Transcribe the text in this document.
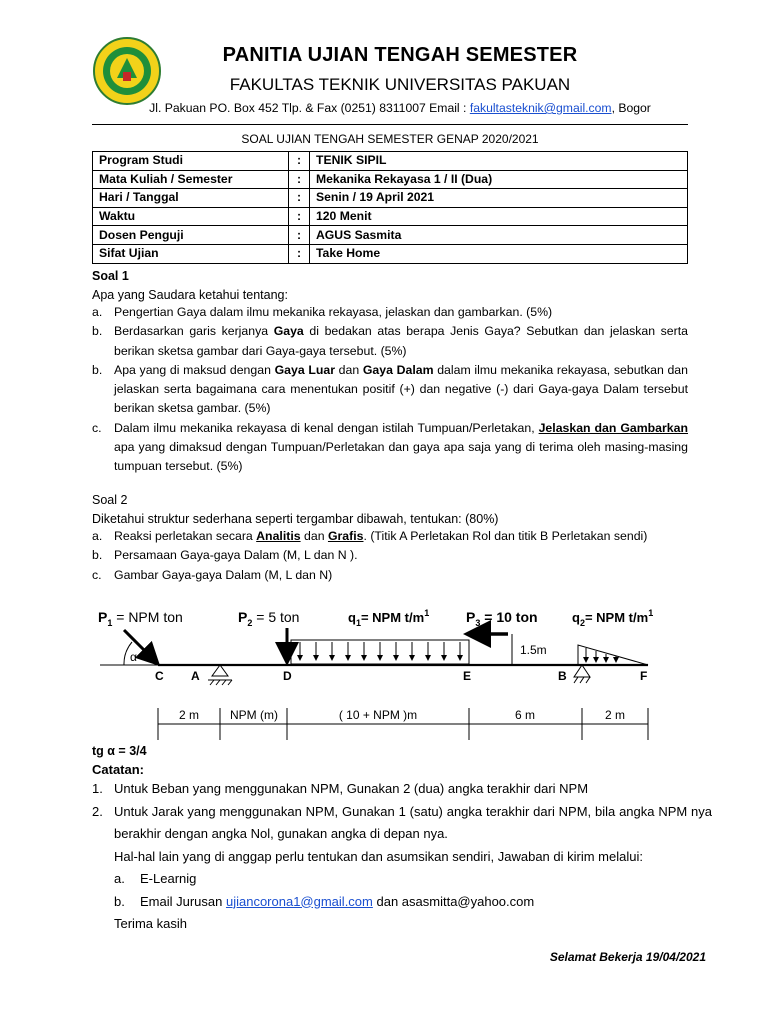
PANITIA UJIAN TENGAH SEMESTER
FAKULTAS TEKNIK UNIVERSITAS PAKUAN
Jl. Pakuan PO. Box 452 Tlp. & Fax (0251) 8311007 Email : fakultasteknik@gmail.com, Bogor
SOAL UJIAN TENGAH SEMESTER GENAP 2020/2021
Program Studi	:	TENIK SIPIL
Mata Kuliah / Semester	:	Mekanika Rekayasa 1 / II (Dua)
Hari / Tanggal	:	Senin / 19 April 2021
Waktu	:	120 Menit
Dosen Penguji	:	AGUS Sasmita
Sifat Ujian	:	Take Home
Soal 1
Apa yang Saudara ketahui tentang:
a. Pengertian Gaya dalam ilmu mekanika rekayasa, jelaskan dan gambarkan. (5%)
b. Berdasarkan garis kerjanya Gaya di bedakan atas berapa Jenis Gaya? Sebutkan dan jelaskan serta berikan sketsa gambar dari Gaya-gaya tersebut. (5%)
b. Apa yang di maksud dengan Gaya Luar dan Gaya Dalam dalam ilmu mekanika rekayasa, sebutkan dan jelaskan serta bagaimana cara menentukan positif (+) dan negative (-) dari Gaya-gaya Dalam tersebut berikan sketsa gambar. (5%)
c. Dalam ilmu mekanika rekayasa di kenal dengan istilah Tumpuan/Perletakan, Jelaskan dan Gambarkan apa yang dimaksud dengan Tumpuan/Perletakan dan gaya apa saja yang di terima oleh masing-masing tumpuan tersebut. (5%)
Soal 2
Diketahui struktur sederhana seperti tergambar dibawah, tentukan: (80%)
a. Reaksi perletakan secara Analitis dan Grafis. (Titik A Perletakan Rol dan titik B Perletakan sendi)
b. Persamaan Gaya-gaya Dalam (M, L dan N ).
c. Gambar Gaya-gaya Dalam (M, L dan N)
$P_1$ = NPM ton	$P_2 = 5$ ton	$q_1=$ NPM $t/m^1$	$P_3 = 10$ ton	$q_2=$ NPM $t/m^1$
α	1.5m
C A	D	E	B	F
2 m	NPM (m)	( 10 + NPM )m	6 m	2 m
tg α = 3/4
Catatan:
1. Untuk Beban yang menggunakan NPM, Gunakan 2 (dua) angka terakhir dari NPM
2. Untuk Jarak yang menggunakan NPM, Gunakan 1 (satu) angka terakhir dari NPM, bila angka NPM nya berakhir dengan angka Nol, gunakan angka di depan nya.
Hal-hal lain yang di anggap perlu tentukan dan asumsikan sendiri, Jawaban di kirim melalui:
a. E-Learnig
b. Email Jurusan ujiancorona1@gmail.com dan asasmitta@yahoo.com
Terima kasih
Selamat Bekerja 19/04/2021
